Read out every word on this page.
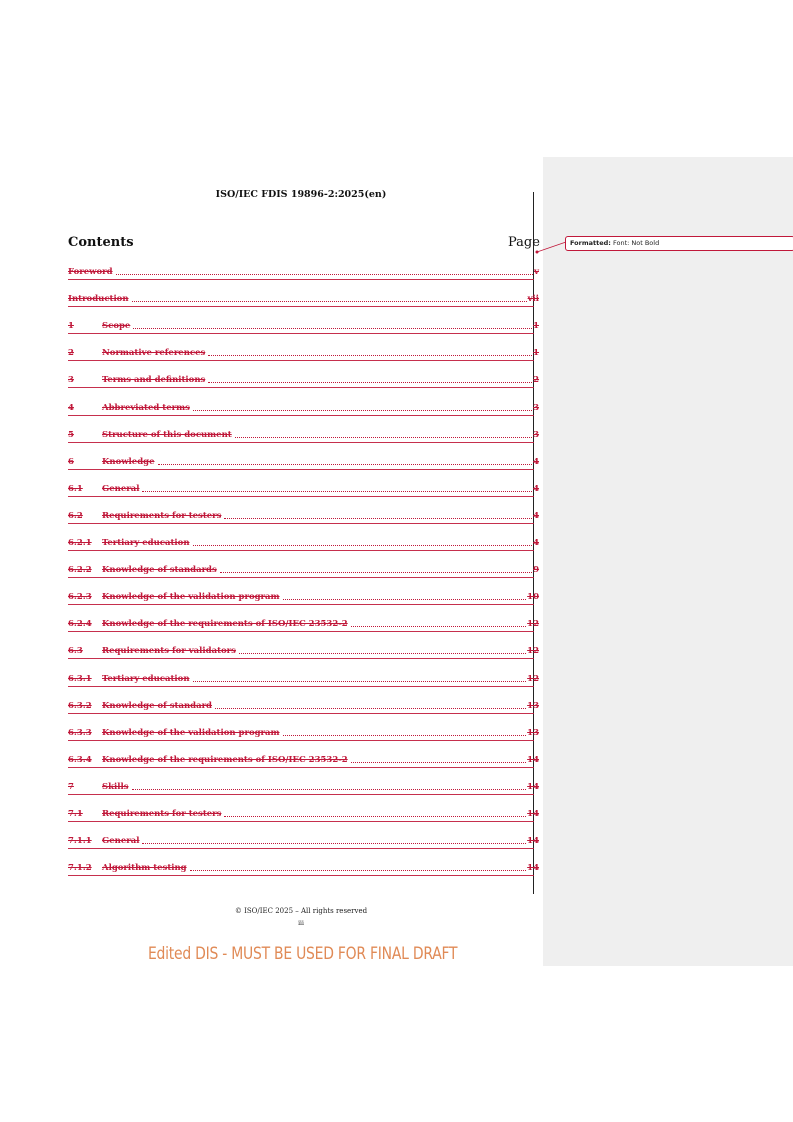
ISO/IEC FDIS 19896-2:2025(en)
Contents	Page
Foreword	v
Introduction	vii
1	Scope	1
2	Normative references	1
3	Terms and definitions	2
4	Abbreviated terms	3
5	Structure of this document	3
6	Knowledge	4
6.1	General	4
6.2	Requirements for testers	4
6.2.1	Tertiary education	4
6.2.2	Knowledge of standards	9
6.2.3	Knowledge of the validation program	10
6.2.4	Knowledge of the requirements of ISO/IEC 23532-2	12
6.3	Requirements for validators	12
6.3.1	Tertiary education	12
6.3.2	Knowledge of standard	13
6.3.3	Knowledge of the validation program	13
6.3.4	Knowledge of the requirements of ISO/IEC 23532-2	14
7	Skills	14
7.1	Requirements for testers	14
7.1.1	General	14
7.1.2	Algorithm testing	14
© ISO/IEC 2025 – All rights reserved
iii
Edited DIS - MUST BE USED FOR FINAL DRAFT
Formatted: Font: Not Bold
